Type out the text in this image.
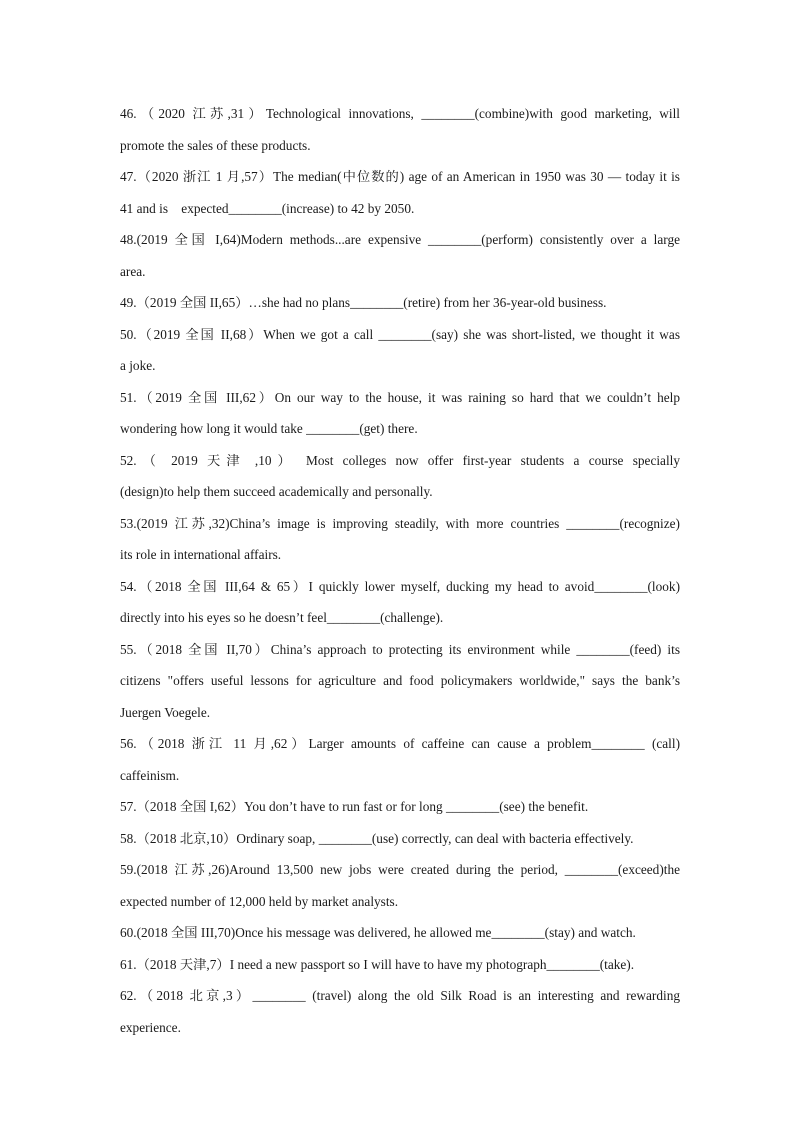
46.（2020 江苏,31）Technological innovations, ________(combine)with good marketing, will
promote the sales of these products.
47.（2020 浙江 1 月,57）The median(中位数的) age of an American in 1950 was 30 — today it is
41 and is    expected________(increase) to 42 by 2050.
48.(2019 全国 I,64)Modern methods...are expensive ________(perform) consistently over a large
area.
49.（2019 全国 II,65）…she had no plans________(retire) from her 36-year-old business.
50.（2019 全国 II,68）When we got a call ________(say) she was short-listed, we thought it was
a joke.
51.（2019 全国 III,62）On our way to the house, it was raining so hard that we couldn’t help
wondering how long it would take ________(get) there.
52.（ 2019 天津 ,10） Most colleges now offer first-year students a course specially
(design)to help them succeed academically and personally.
53.(2019 江苏,32)China’s image is improving steadily, with more countries ________(recognize)
its role in international affairs.
54.（2018 全国 III,64 & 65）I quickly lower myself, ducking my head to avoid________(look)
directly into his eyes so he doesn’t feel________(challenge).
55.（2018 全国 II,70）China’s approach to protecting its environment while ________(feed) its
citizens "offers useful lessons for agriculture and food policymakers worldwide," says the bank’s
Juergen Voegele.
56.（2018 浙江 11 月,62）Larger amounts of caffeine can cause a problem________ (call)
caffeinism.
57.（2018 全国 I,62）You don’t have to run fast or for long ________(see) the benefit.
58.（2018 北京,10）Ordinary soap, ________(use) correctly, can deal with bacteria effectively.
59.(2018 江苏,26)Around 13,500 new jobs were created during the period, ________(exceed)the
expected number of 12,000 held by market analysts.
60.(2018 全国 III,70)Once his message was delivered, he allowed me________(stay) and watch.
61.（2018 天津,7）I need a new passport so I will have to have my photograph________(take).
62.（2018 北京,3）________ (travel) along the old Silk Road is an interesting and rewarding
experience.
